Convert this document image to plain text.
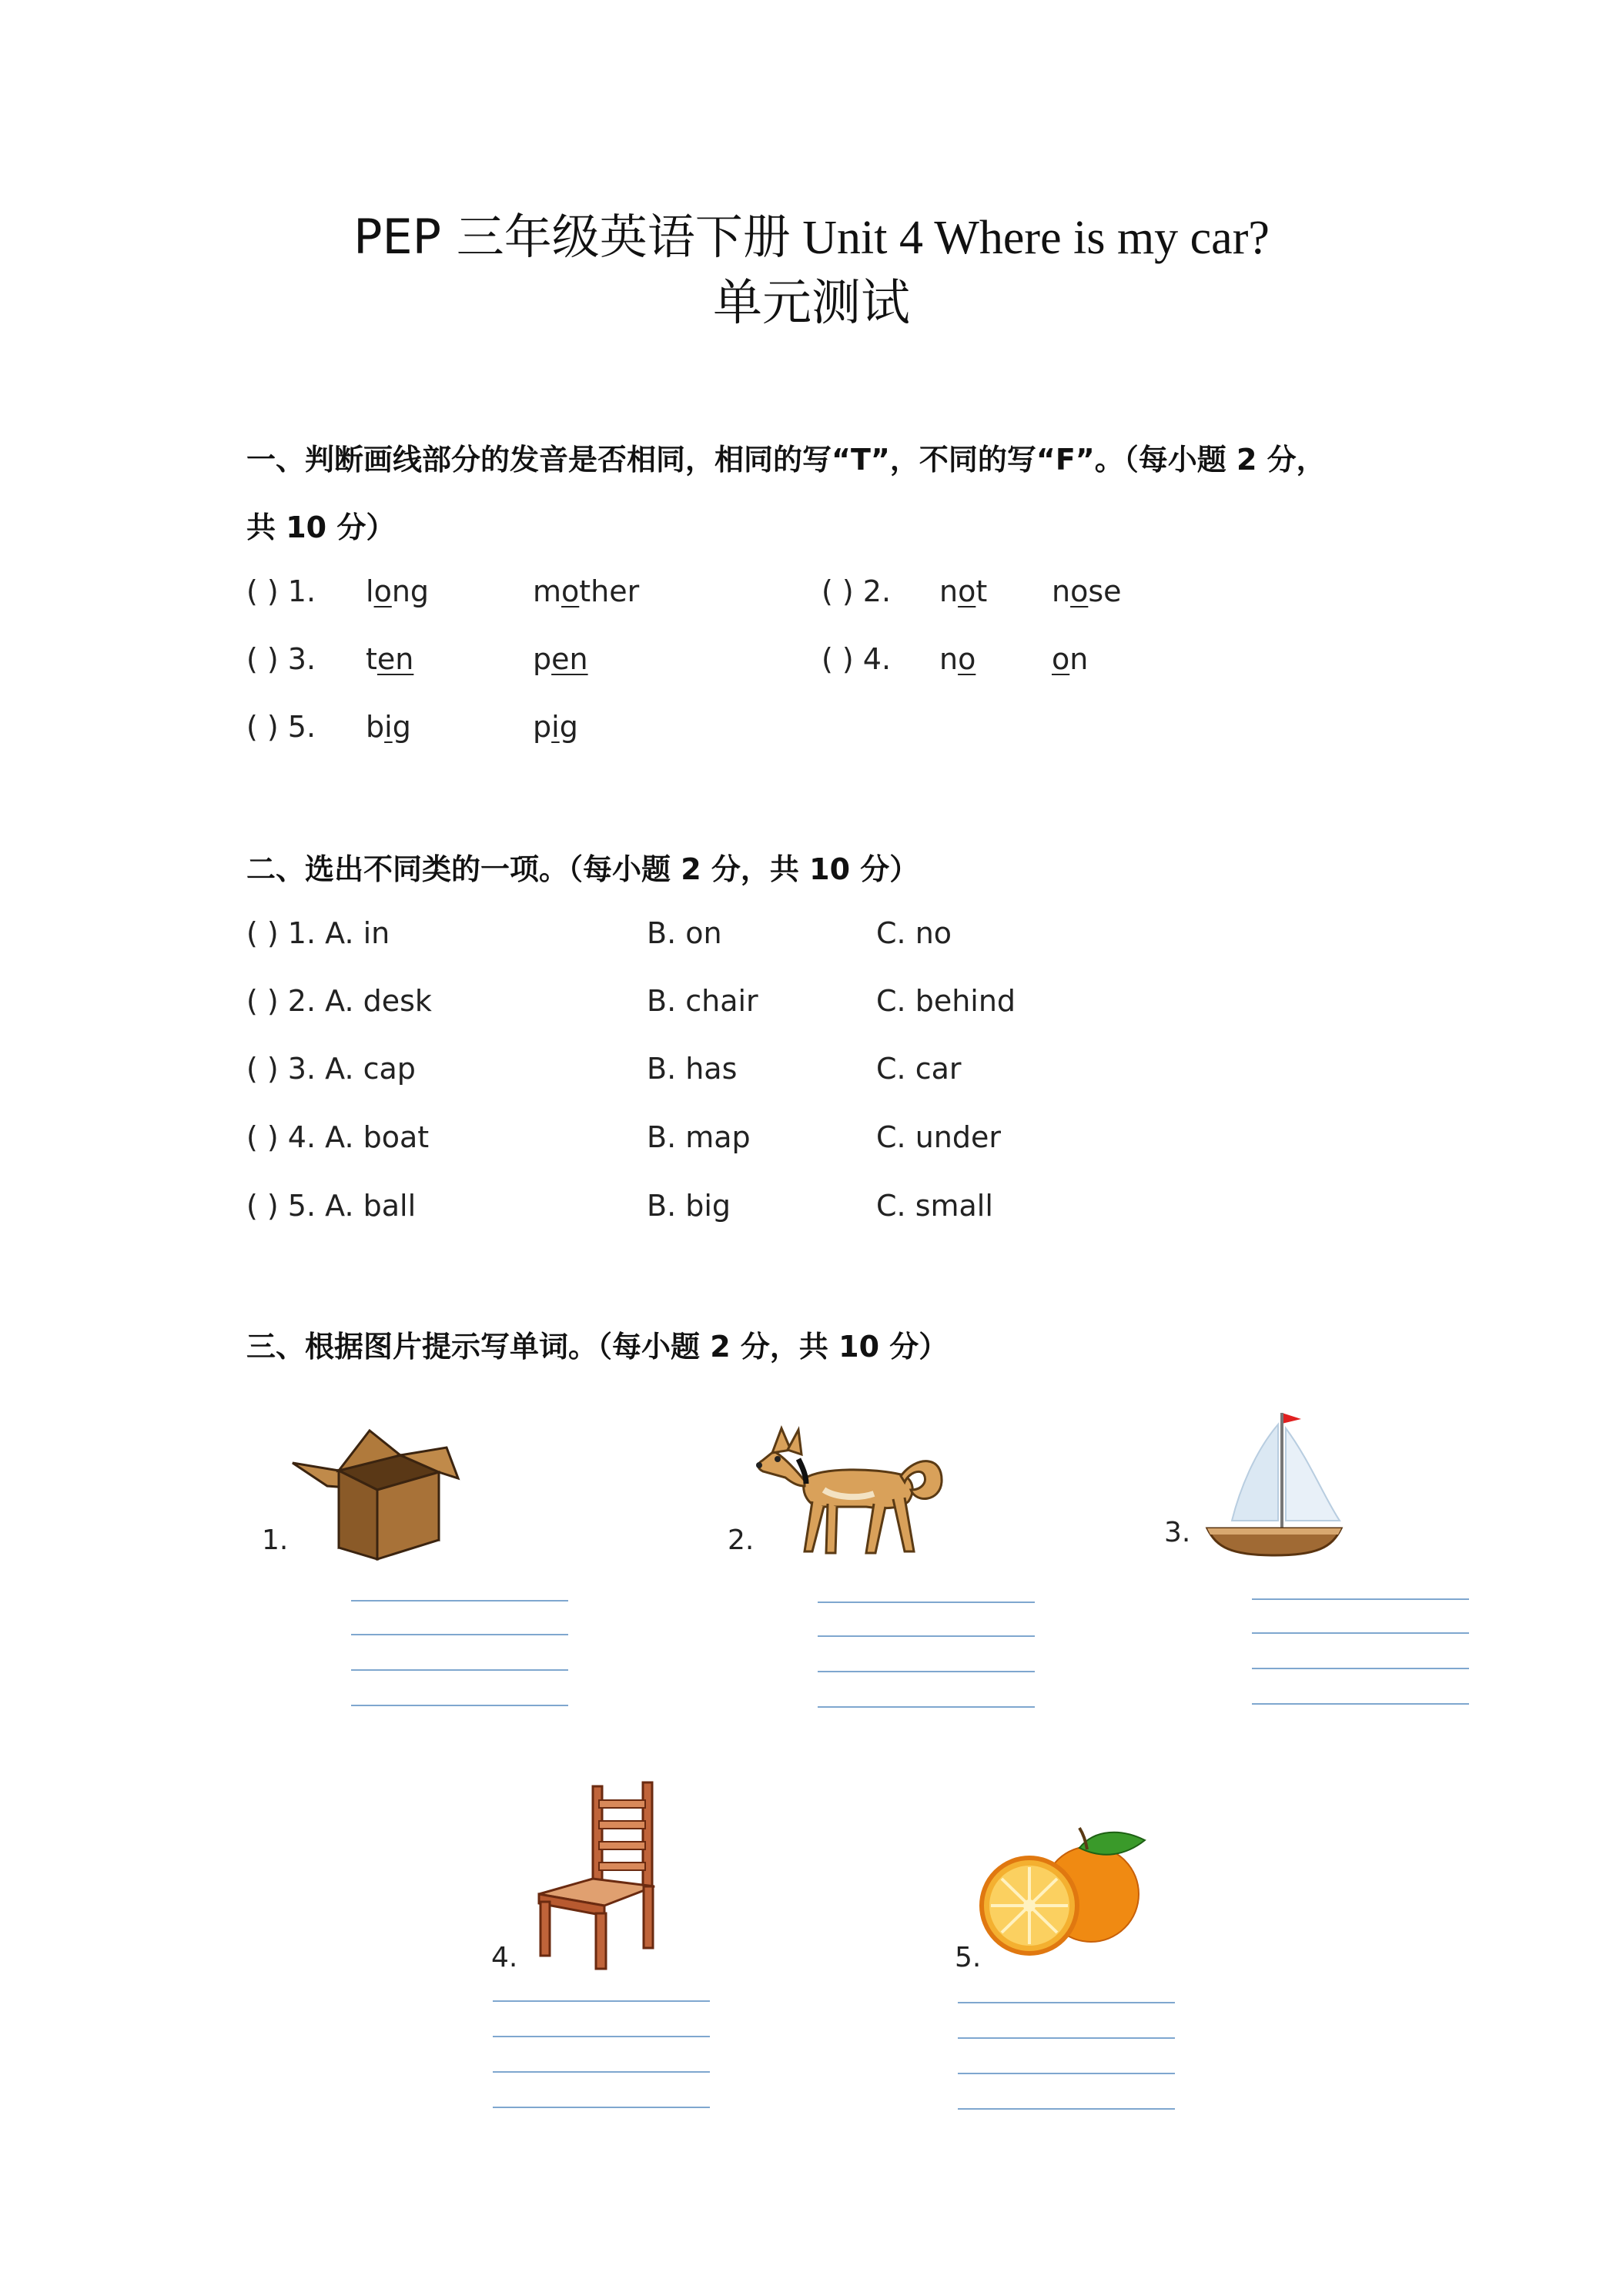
PEP 三年级英语下册 Unit 4 Where is my car?
单元测试
一、判断画线部分的发音是否相同，相同的写“T”，不同的写“F”。（每小题 2 分，
共 10 分）
( ) 1. long	mother	( ) 2. not nose
( ) 3. ten	pen	( ) 4. no	on
( ) 5. big	pig
二、选出不同类的一项。（每小题 2 分，共 10 分）
( ) 1. A. in	B. on	C. no
( ) 2. A. desk	B. chair	C. behind
( ) 3. A. cap	B. has	C. car
( ) 4. A. boat	B. map	C. under
( ) 5. A. ball	B. big	C. small
三、根据图片提示写单词。（每小题 2 分，共 10 分）
1.	2.	3.
4.	5.
